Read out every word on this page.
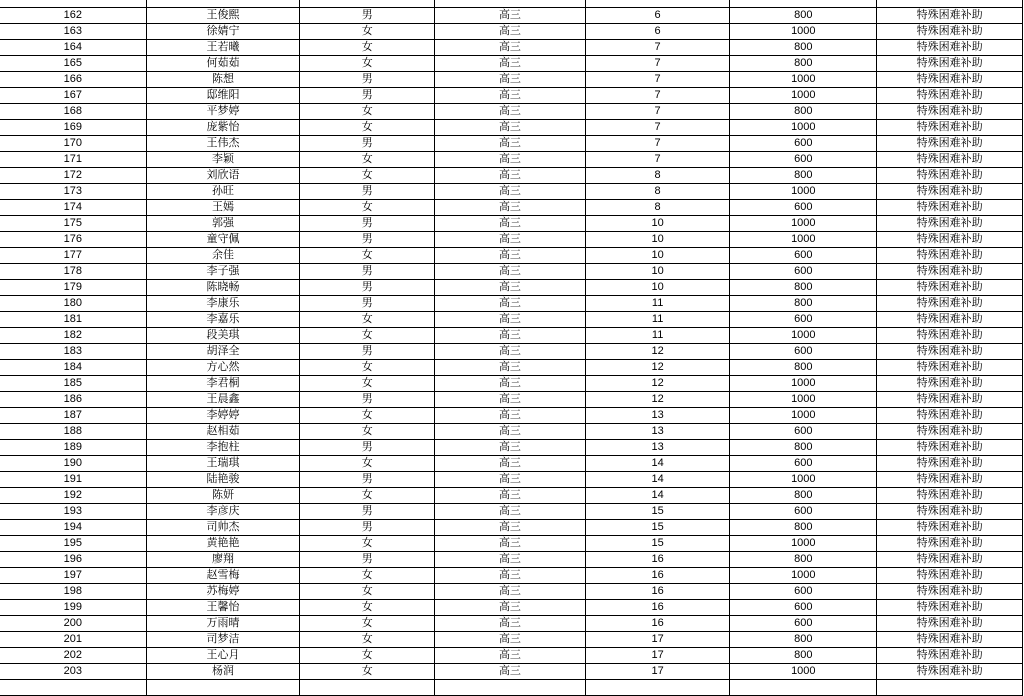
162	王俊熙	男	高三	6	800	特殊困难补助
163	徐婧宁	女	高三	6	1000	特殊困难补助
164	王若曦	女	高三	7	800	特殊困难补助
165	何茹茹	女	高三	7	800	特殊困难补助
166	陈想	男	高三	7	1000	特殊困难补助
167	邸维阳	男	高三	7	1000	特殊困难补助
168	平梦婷	女	高三	7	800	特殊困难补助
169	庞紫怡	女	高三	7	1000	特殊困难补助
170	王伟杰	男	高三	7	600	特殊困难补助
171	李颖	女	高三	7	600	特殊困难补助
172	刘欣语	女	高三	8	800	特殊困难补助
173	孙旺	男	高三	8	1000	特殊困难补助
174	王嫣	女	高三	8	600	特殊困难补助
175	郭强	男	高三	10	1000	特殊困难补助
176	童守佩	男	高三	10	1000	特殊困难补助
177	余佳	女	高三	10	600	特殊困难补助
178	李子强	男	高三	10	600	特殊困难补助
179	陈晓畅	男	高三	10	800	特殊困难补助
180	李康乐	男	高三	11	800	特殊困难补助
181	李嘉乐	女	高三	11	600	特殊困难补助
182	段美琪	女	高三	11	1000	特殊困难补助
183	胡泽全	男	高三	12	600	特殊困难补助
184	方心然	女	高三	12	800	特殊困难补助
185	李君桐	女	高三	12	1000	特殊困难补助
186	王晨鑫	男	高三	12	1000	特殊困难补助
187	李婷婷	女	高三	13	1000	特殊困难补助
188	赵相茹	女	高三	13	600	特殊困难补助
189	李抱柱	男	高三	13	800	特殊困难补助
190	王瑞琪	女	高三	14	600	特殊困难补助
191	陆艳骏	男	高三	14	1000	特殊困难补助
192	陈妍	女	高三	14	800	特殊困难补助
193	李彦庆	男	高三	15	600	特殊困难补助
194	司帅杰	男	高三	15	800	特殊困难补助
195	黄艳艳	女	高三	15	1000	特殊困难补助
196	廖翔	男	高三	16	800	特殊困难补助
197	赵雪梅	女	高三	16	1000	特殊困难补助
198	苏梅婷	女	高三	16	600	特殊困难补助
199	王馨怡	女	高三	16	600	特殊困难补助
200	万雨晴	女	高三	16	600	特殊困难补助
201	司梦洁	女	高三	17	800	特殊困难补助
202	王心月	女	高三	17	800	特殊困难补助
203	杨润	女	高三	17	1000	特殊困难补助
